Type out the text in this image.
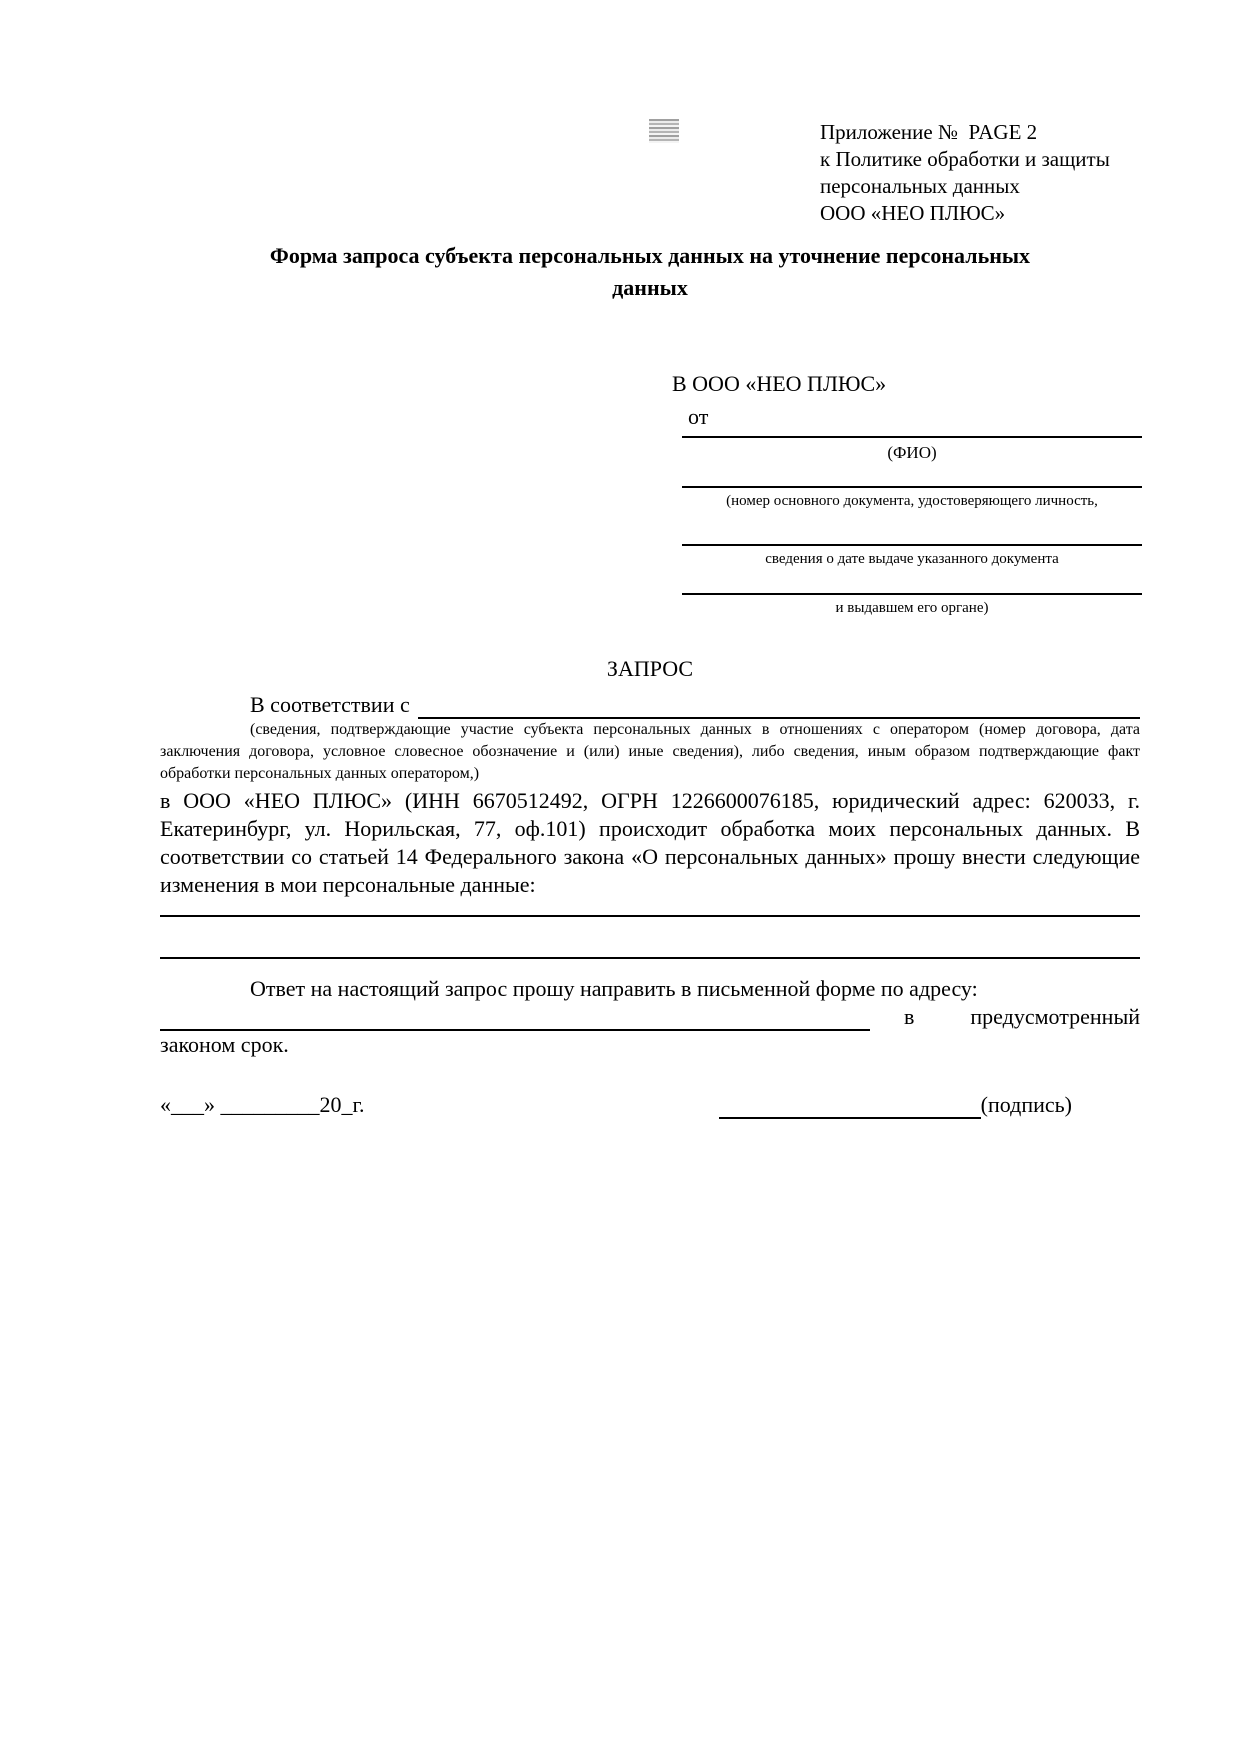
Приложение №  PAGE 2
к Политике обработки и защиты
персональных данных
ООО «НЕО ПЛЮС»
Форма запроса субъекта персональных данных на уточнение персональных данных
В ООО «НЕО ПЛЮС»
от
(ФИО)
(номер основного документа, удостоверяющего личность,
сведения о дате выдаче указанного документа
и выдавшем его органе)
ЗАПРОС
В соответствии с
(сведения, подтверждающие участие субъекта персональных данных в отношениях с оператором (номер договора, дата заключения договора, условное словесное обозначение и (или) иные сведения), либо сведения, иным образом подтверждающие факт обработки персональных данных оператором,)
в ООО «НЕО ПЛЮС» (ИНН 6670512492, ОГРН 1226600076185, юридический адрес: 620033, г. Екатеринбург, ул. Норильская, 77, оф.101) происходит обработка моих персональных данных. В соответствии со статьей 14 Федерального закона «О персональных данных» прошу внести следующие изменения в мои персональные данные:
Ответ на настоящий запрос прошу направить в письменной форме по адресу:
в	предусмотренный
законом срок.
«___» _________20_г.	(подпись)
